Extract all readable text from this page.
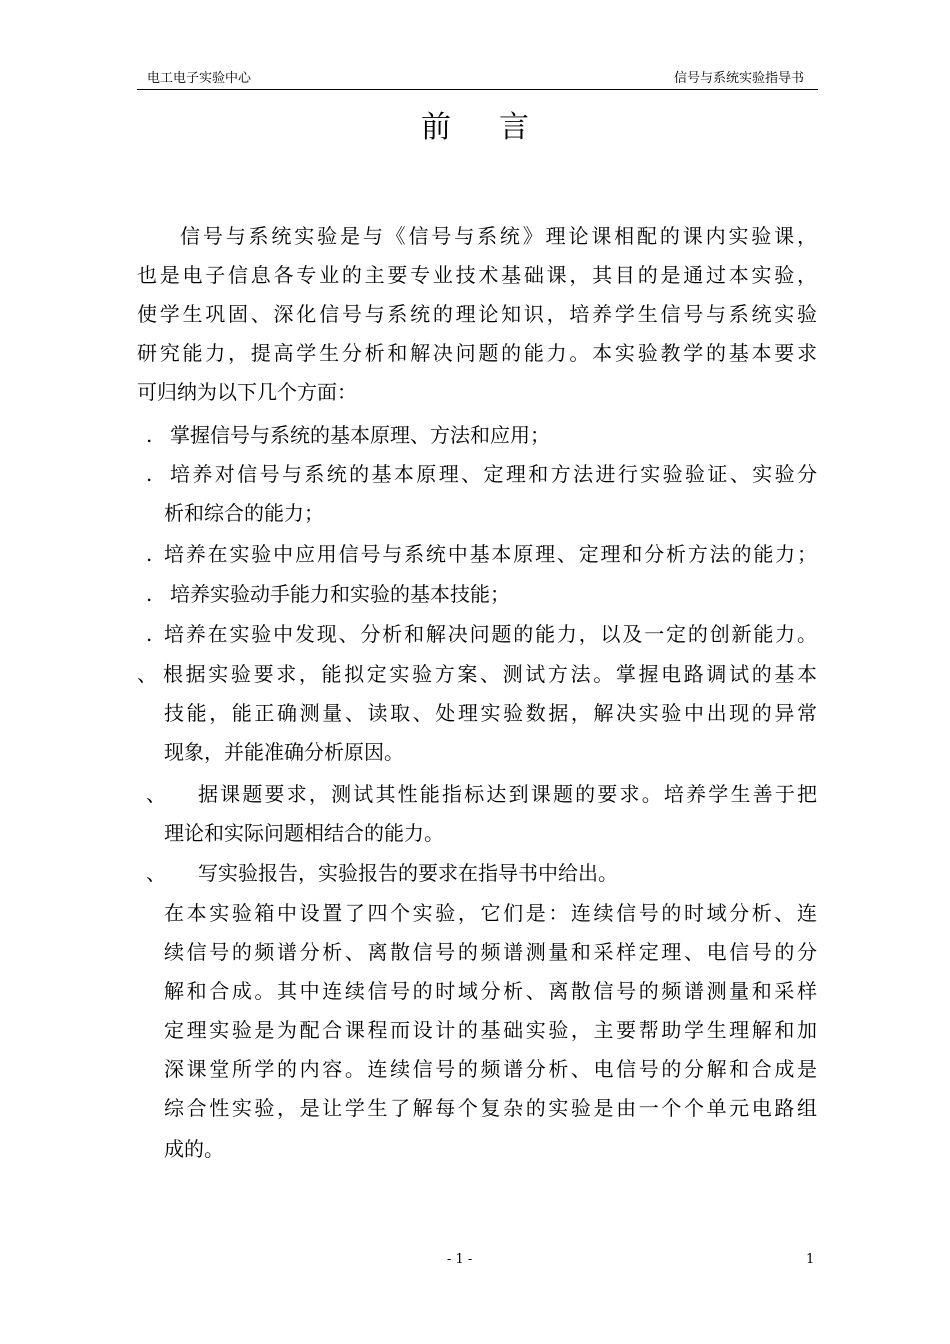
电工电子实验中心	信号与系统实验指导书
前言
信号与系统实验是与《信号与系统》理论课相配的课内实验课，
也是电子信息各专业的主要专业技术基础课，其目的是通过本实验，
使学生巩固、深化信号与系统的理论知识，培养学生信号与系统实验
研究能力，提高学生分析和解决问题的能力。本实验教学的基本要求
可归纳为以下几个方面：
. 掌握信号与系统的基本原理、方法和应用；
. 培养对信号与系统的基本原理、定理和方法进行实验验证、实验分
析和综合的能力；
. 培养在实验中应用信号与系统中基本原理、定理和分析方法的能力；
. 培养实验动手能力和实验的基本技能；
. 培养在实验中发现、分析和解决问题的能力，以及一定的创新能力。
、 根据实验要求，能拟定实验方案、测试方法。掌握电路调试的基本
技能，能正确测量、读取、处理实验数据，解决实验中出现的异常
现象，并能准确分析原因。
、 据课题要求，测试其性能指标达到课题的要求。培养学生善于把
理论和实际问题相结合的能力。
、 写实验报告，实验报告的要求在指导书中给出。
在本实验箱中设置了四个实验，它们是：连续信号的时域分析、连
续信号的频谱分析、离散信号的频谱测量和采样定理、电信号的分
解和合成。其中连续信号的时域分析、离散信号的频谱测量和采样
定理实验是为配合课程而设计的基础实验，主要帮助学生理解和加
深课堂所学的内容。连续信号的频谱分析、电信号的分解和合成是
综合性实验，是让学生了解每个复杂的实验是由一个个单元电路组
成的。
- 1 -	1
